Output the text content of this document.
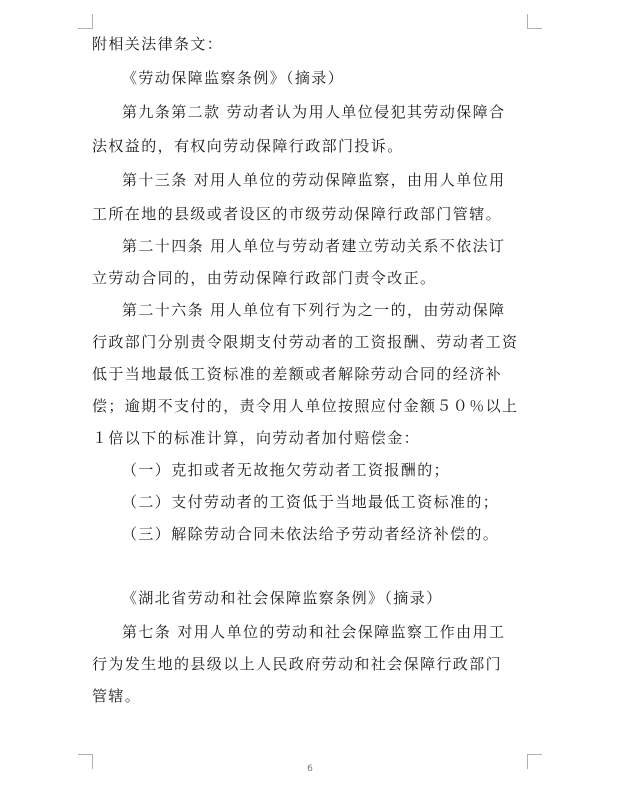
附相关法律条文：
《劳动保障监察条例》（摘录）
第九条第二款 劳动者认为用人单位侵犯其劳动保障合
法权益的，有权向劳动保障行政部门投诉。
第十三条 对用人单位的劳动保障监察，由用人单位用
工所在地的县级或者设区的市级劳动保障行政部门管辖。
第二十四条 用人单位与劳动者建立劳动关系不依法订
立劳动合同的，由劳动保障行政部门责令改正。
第二十六条 用人单位有下列行为之一的，由劳动保障
行政部门分别责令限期支付劳动者的工资报酬、劳动者工资
低于当地最低工资标准的差额或者解除劳动合同的经济补
偿；逾期不支付的，责令用人单位按照应付金额５０％以上
１倍以下的标准计算，向劳动者加付赔偿金：
（一）克扣或者无故拖欠劳动者工资报酬的；
（二）支付劳动者的工资低于当地最低工资标准的；
（三）解除劳动合同未依法给予劳动者经济补偿的。
《湖北省劳动和社会保障监察条例》（摘录）
第七条 对用人单位的劳动和社会保障监察工作由用工
行为发生地的县级以上人民政府劳动和社会保障行政部门
管辖。
6
